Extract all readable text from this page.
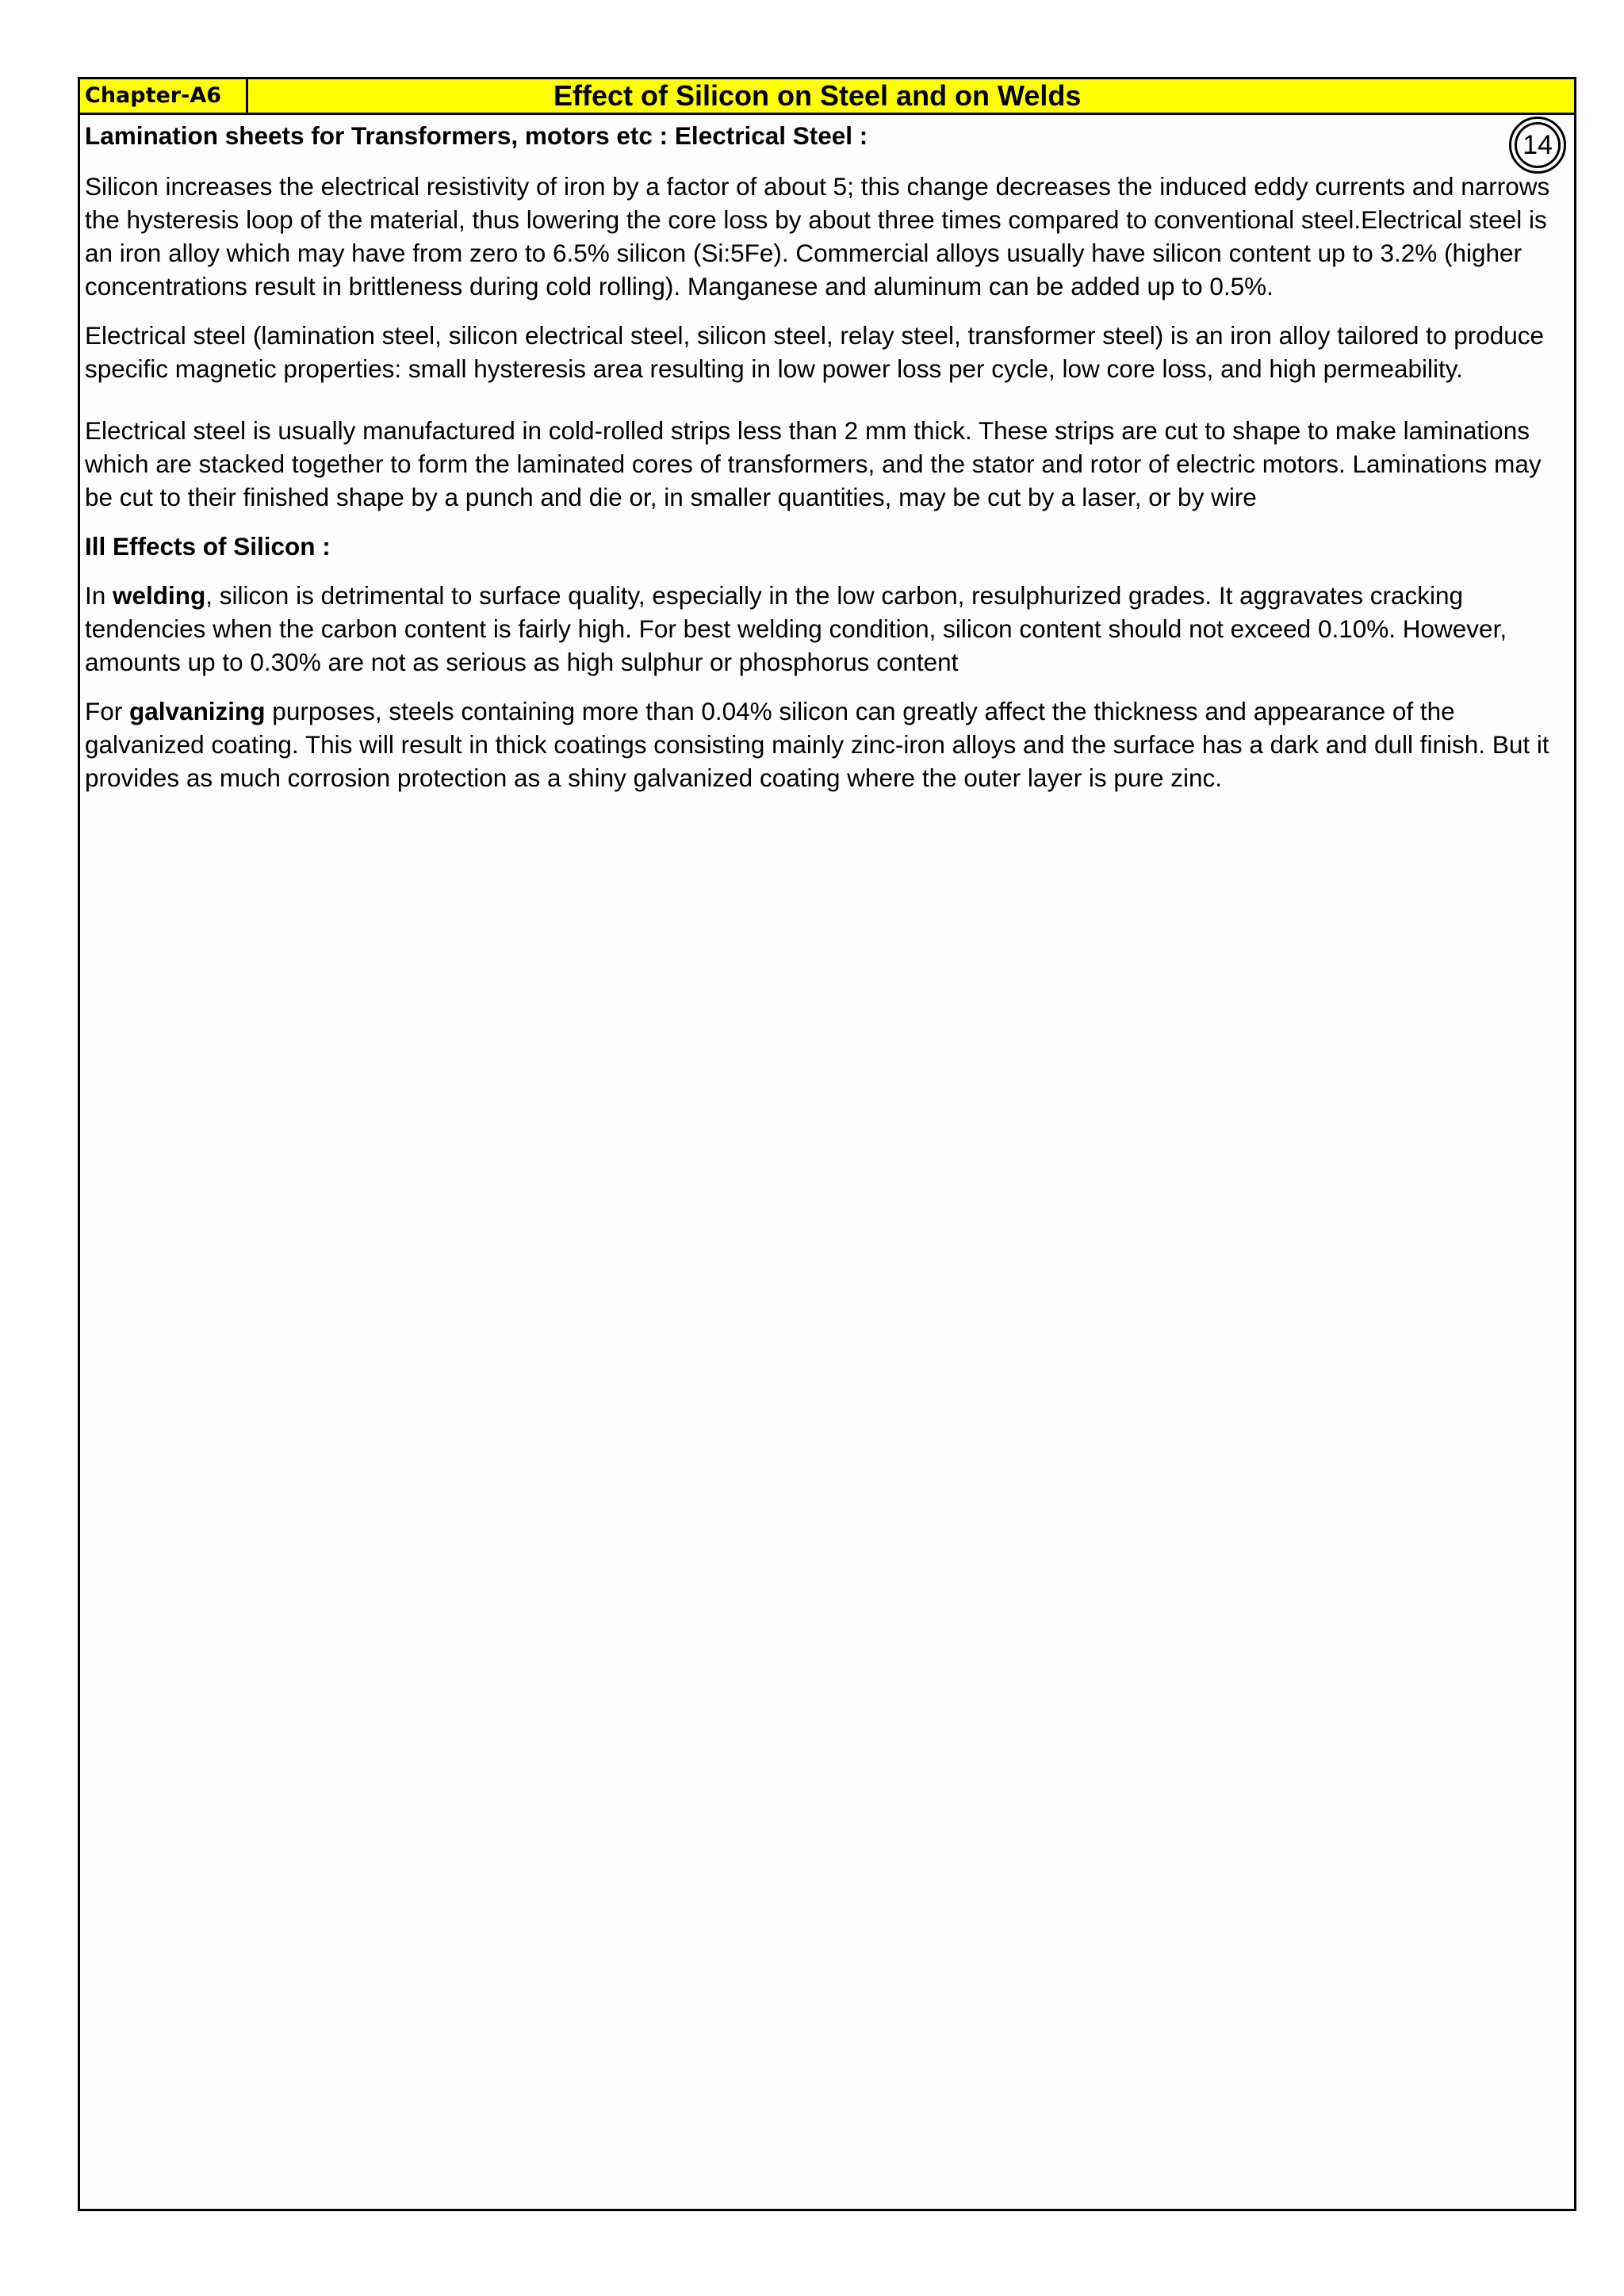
Chapter-A6	Effect of Silicon on Steel and on Welds
14

Lamination sheets for Transformers, motors etc : Electrical Steel :

Silicon increases the electrical resistivity of iron by a factor of about 5; this change decreases the induced eddy currents and narrows the hysteresis loop of the material, thus lowering the core loss by about three times compared to conventional steel.Electrical steel is an iron alloy which may have from zero to 6.5% silicon (Si:5Fe). Commercial alloys usually have silicon content up to 3.2% (higher concentrations result in brittleness during cold rolling). Manganese and aluminum can be added up to 0.5%.

Electrical steel (lamination steel, silicon electrical steel, silicon steel, relay steel, transformer steel) is an iron alloy tailored to produce specific magnetic properties: small hysteresis area resulting in low power loss per cycle, low core loss, and high permeability.

Electrical steel is usually manufactured in cold-rolled strips less than 2 mm thick. These strips are cut to shape to make laminations which are stacked together to form the laminated cores of transformers, and the stator and rotor of electric motors. Laminations may be cut to their finished shape by a punch and die or, in smaller quantities, may be cut by a laser, or by wire

Ill Effects of Silicon :

In welding, silicon is detrimental to surface quality, especially in the low carbon, resulphurized grades. It aggravates cracking tendencies when the carbon content is fairly high. For best welding condition, silicon content should not exceed 0.10%. However, amounts up to 0.30% are not as serious as high sulphur or phosphorus content

For galvanizing purposes, steels containing more than 0.04% silicon can greatly affect the thickness and appearance of the galvanized coating. This will result in thick coatings consisting mainly zinc-iron alloys and the surface has a dark and dull finish. But it provides as much corrosion protection as a shiny galvanized coating where the outer layer is pure zinc.
